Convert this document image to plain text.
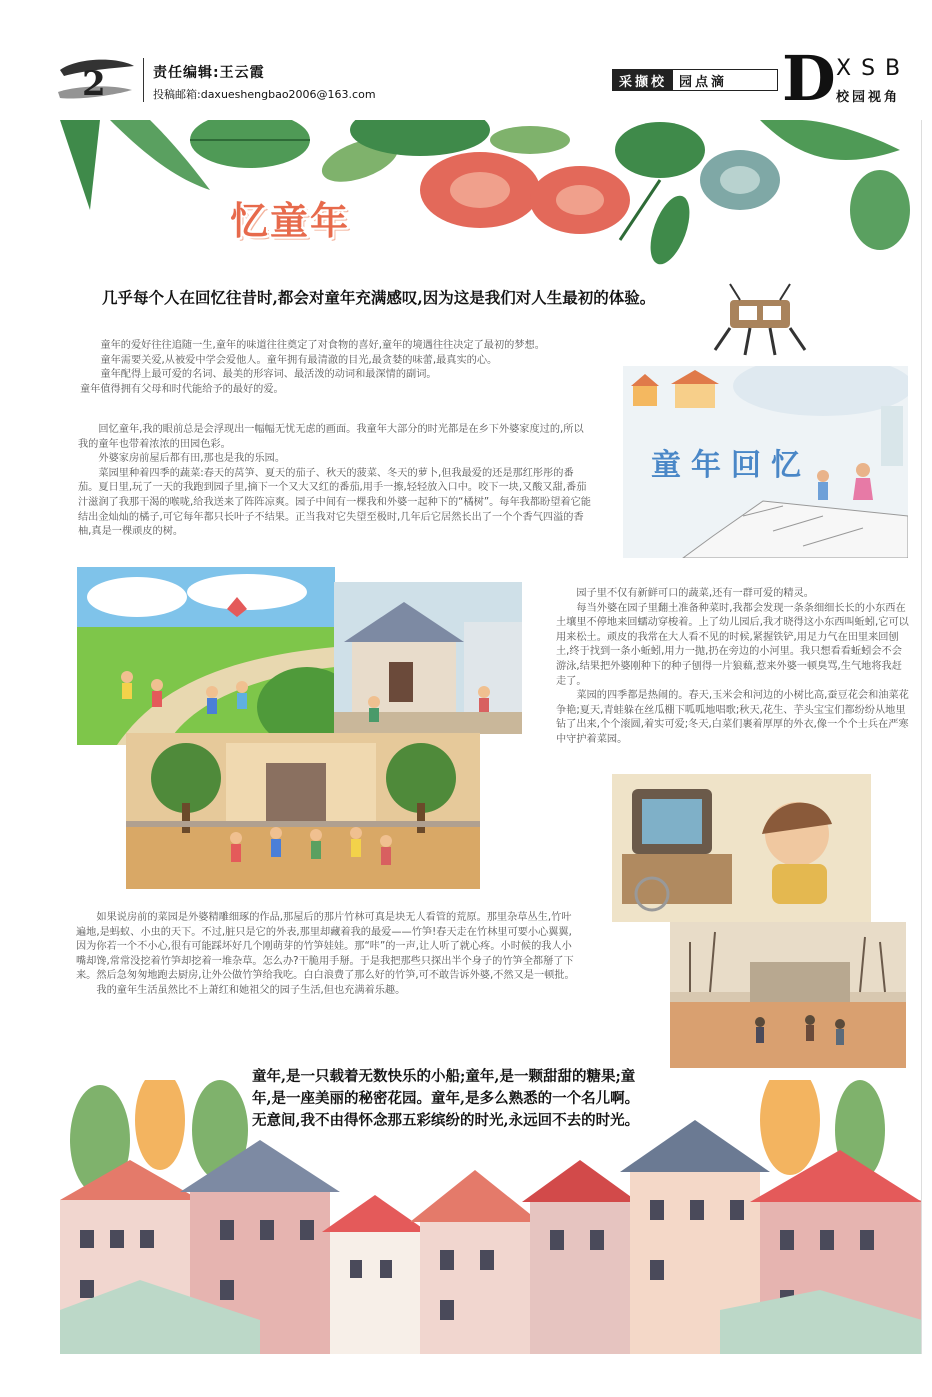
2	责任编辑:王云霞
投稿邮箱:daxueshengbao2006@163.com
采撷校 园点滴 D XSB
校园视角
忆童年
几乎每个人在回忆往昔时,都会对童年充满感叹,因为这是我们对人生最初的体验。

童年的爱好往往追随一生,童年的味道往往奠定了对食物的喜好,童年的境遇往往决定了最初的梦想。

童年需要关爱,从被爱中学会爱他人。童年拥有最清澈的目光,最贪婪的味蕾,最真实的心。

童年配得上最可爱的名词、最美的形容词、最活泼的动词和最深情的副词。

童年值得拥有父母和时代能给予的最好的爱。

回忆童年,我的眼前总是会浮现出一幅幅无忧无虑的画面。我童年大部分的时光都是在乡下外婆家度过的,所以我的童年也带着浓浓的田园色彩。

外婆家房前屋后都有田,那也是我的乐园。

菜园里种着四季的蔬菜:春天的莴笋、夏天的茄子、秋天的菠菜、冬天的萝卜,但我最爱的还是那红彤彤的番茄。夏日里,玩了一天的我跑到园子里,摘下一个又大又红的番茄,用手一擦,轻轻放入口中。咬下一块,又酸又甜,番茄汁滋润了我那干渴的喉咙,给我送来了阵阵凉爽。园子中间有一棵我和外婆一起种下的“橘树”。每年我都盼望着它能结出金灿灿的橘子,可它每年都只长叶子不结果。正当我对它失望至极时,几年后它居然长出了一个个香气四溢的香柚,真是一棵顽皮的树。

童年回忆

园子里不仅有新鲜可口的蔬菜,还有一群可爱的精灵。

每当外婆在园子里翻土准备种菜时,我都会发现一条条细细长长的小东西在土壤里不停地来回蠕动穿梭着。上了幼儿园后,我才晓得这小东西叫蚯蚓,它可以用来松土。顽皮的我常在大人看不见的时候,紧握铁铲,用足力气在田里来回刨土,终于找到一条小蚯蚓,用力一抛,扔在旁边的小河里。我只想看看蚯蚓会不会游泳,结果把外婆刚种下的种子刨得一片狼藉,惹来外婆一顿臭骂,生气地将我赶走了。

菜园的四季都是热闹的。春天,玉米会和河边的小树比高,蚕豆花会和油菜花争艳;夏天,青蛙躲在丝瓜棚下呱呱地唱歌;秋天,花生、芋头宝宝们都纷纷从地里钻了出来,个个滚圆,着实可爱;冬天,白菜们裹着厚厚的外衣,像一个个士兵在严寒中守护着菜园。

如果说房前的菜园是外婆精雕细琢的作品,那屋后的那片竹林可真是块无人看管的荒原。那里杂草丛生,竹叶遍地,是蚂蚁、小虫的天下。不过,脏只是它的外表,那里却藏着我的最爱——竹笋!春天走在竹林里可要小心翼翼,因为你若一个不小心,很有可能踩坏好几个刚萌芽的竹笋娃娃。那“咔”的一声,让人听了就心疼。小时候的我人小嘴却馋,常常没挖着竹笋却挖着一堆杂草。怎么办?干脆用手掰。于是我把那些只探出半个身子的竹笋全都掰了下来。然后急匆匆地跑去厨房,让外公做竹笋给我吃。白白浪费了那么好的竹笋,可不敢告诉外婆,不然又是一顿批。

我的童年生活虽然比不上萧红和她祖父的园子生活,但也充满着乐趣。

童年,是一只载着无数快乐的小船;童年,是一颗甜甜的糖果;童年,是一座美丽的秘密花园。童年,是多么熟悉的一个名儿啊。无意间,我不由得怀念那五彩缤纷的时光,永远回不去的时光。
